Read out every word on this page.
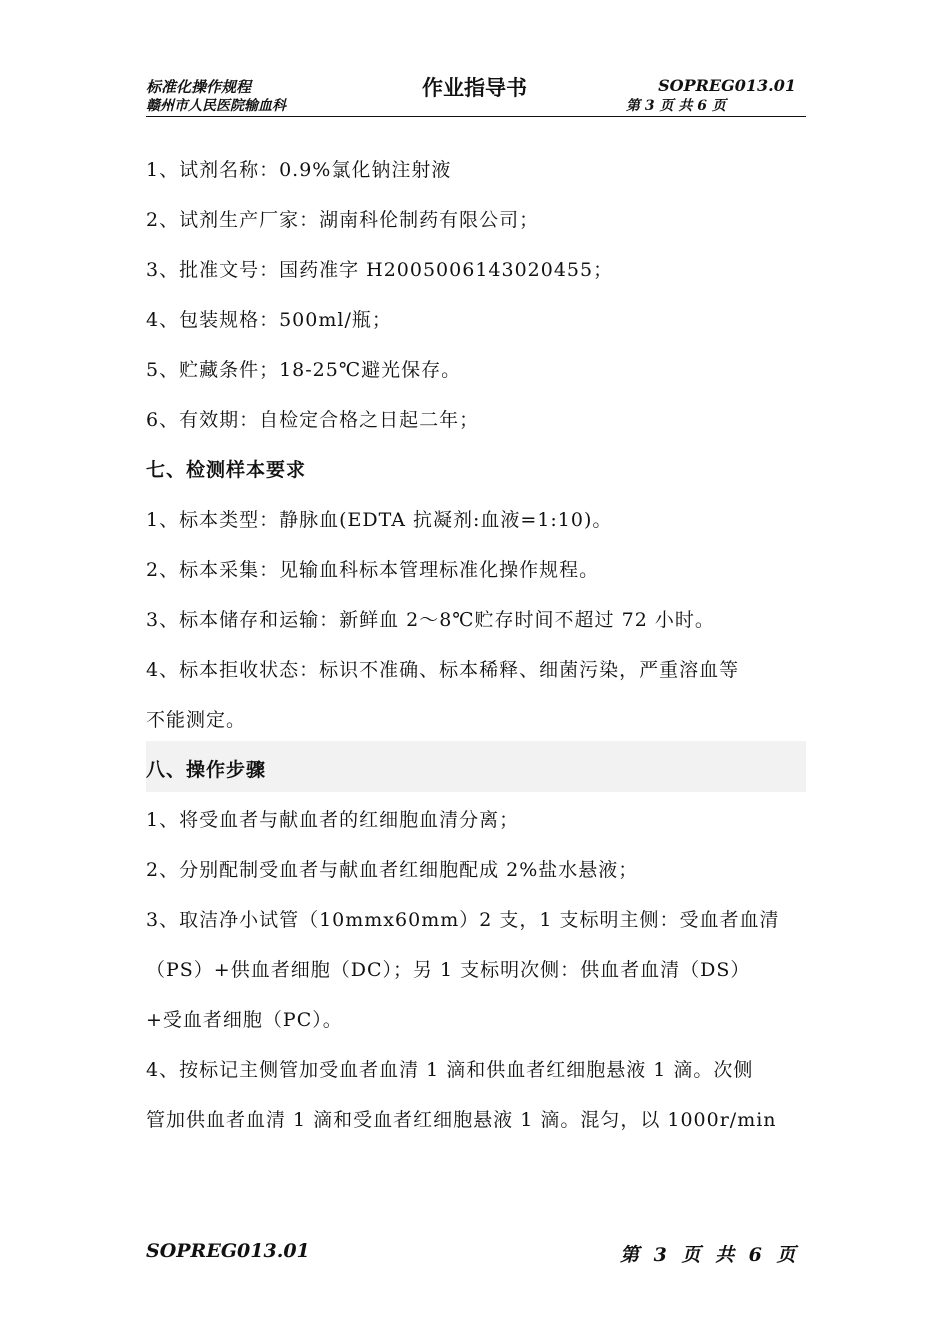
标准化操作规程
赣州市人民医院输血科
作业指导书	SOPREG013.01
第 3 页 共 6 页
1、试剂名称：0.9%氯化钠注射液
2、试剂生产厂家：湖南科伦制药有限公司；
3、批准文号：国药准字 H2005006143020455；
4、包装规格：500ml/瓶；
5、贮藏条件；18-25℃避光保存。
6、有效期：自检定合格之日起二年；
七、检测样本要求
1、标本类型：静脉血(EDTA 抗凝剂:血液=1:10)。
2、标本采集：见输血科标本管理标准化操作规程。
3、标本储存和运输：新鲜血 2～8℃贮存时间不超过 72 小时。
4、标本拒收状态：标识不准确、标本稀释、细菌污染，严重溶血等
不能测定。
八、操作步骤
1、将受血者与献血者的红细胞血清分离；
2、分别配制受血者与献血者红细胞配成 2%盐水悬液；
3、取洁净小试管（10mmx60mm）2 支，1 支标明主侧：受血者血清
（PS）+供血者细胞（DC）；另 1 支标明次侧：供血者血清（DS）
+受血者细胞（PC）。
4、按标记主侧管加受血者血清 1 滴和供血者红细胞悬液 1 滴。次侧
管加供血者血清 1 滴和受血者红细胞悬液 1 滴。混匀，以 1000r/min
SOPREG013.01	第 3 页 共 6 页
